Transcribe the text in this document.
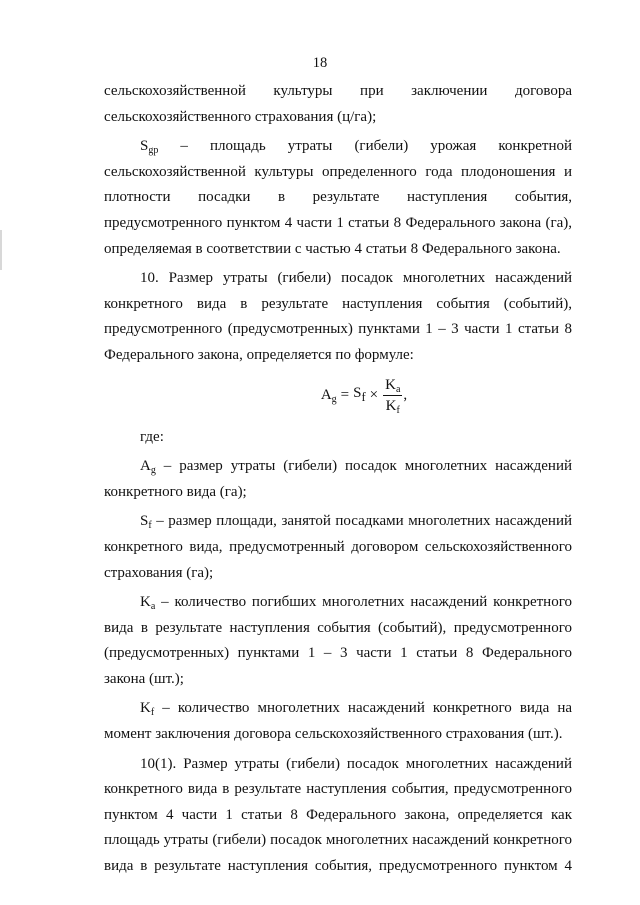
18

сельскохозяйственной культуры при заключении договора сельскохозяйственного страхования (ц/га);

$S_{gp}$ – площадь утраты (гибели) урожая конкретной сельскохозяйственной культуры определенного года плодоношения и плотности посадки в результате наступления события, предусмотренного пунктом 4 части 1 статьи 8 Федерального закона (га), определяемая в соответствии с частью 4 статьи 8 Федерального закона.

10. Размер утраты (гибели) посадок многолетних насаждений конкретного вида в результате наступления события (событий), предусмотренного (предусмотренных) пунктами 1 – 3 части 1 статьи 8 Федерального закона, определяется по формуле:

$A_g = S_f \times \frac{K_a}{K_f}$ ,

где:

$A_g$ – размер утраты (гибели) посадок многолетних насаждений конкретного вида (га);

$S_f$ – размер площади, занятой посадками многолетних насаждений конкретного вида, предусмотренный договором сельскохозяйственного страхования (га);

$K_a$ – количество погибших многолетних насаждений конкретного вида в результате наступления события (событий), предусмотренного (предусмотренных) пунктами 1 – 3 части 1 статьи 8 Федерального закона (шт.);

$K_f$ – количество многолетних насаждений конкретного вида на момент заключения договора сельскохозяйственного страхования (шт.).

10(1). Размер утраты (гибели) посадок многолетних насаждений конкретного вида в результате наступления события, предусмотренного пунктом 4 части 1 статьи 8 Федерального закона, определяется как площадь утраты (гибели) посадок многолетних насаждений конкретного вида в результате наступления события, предусмотренного пунктом 4
